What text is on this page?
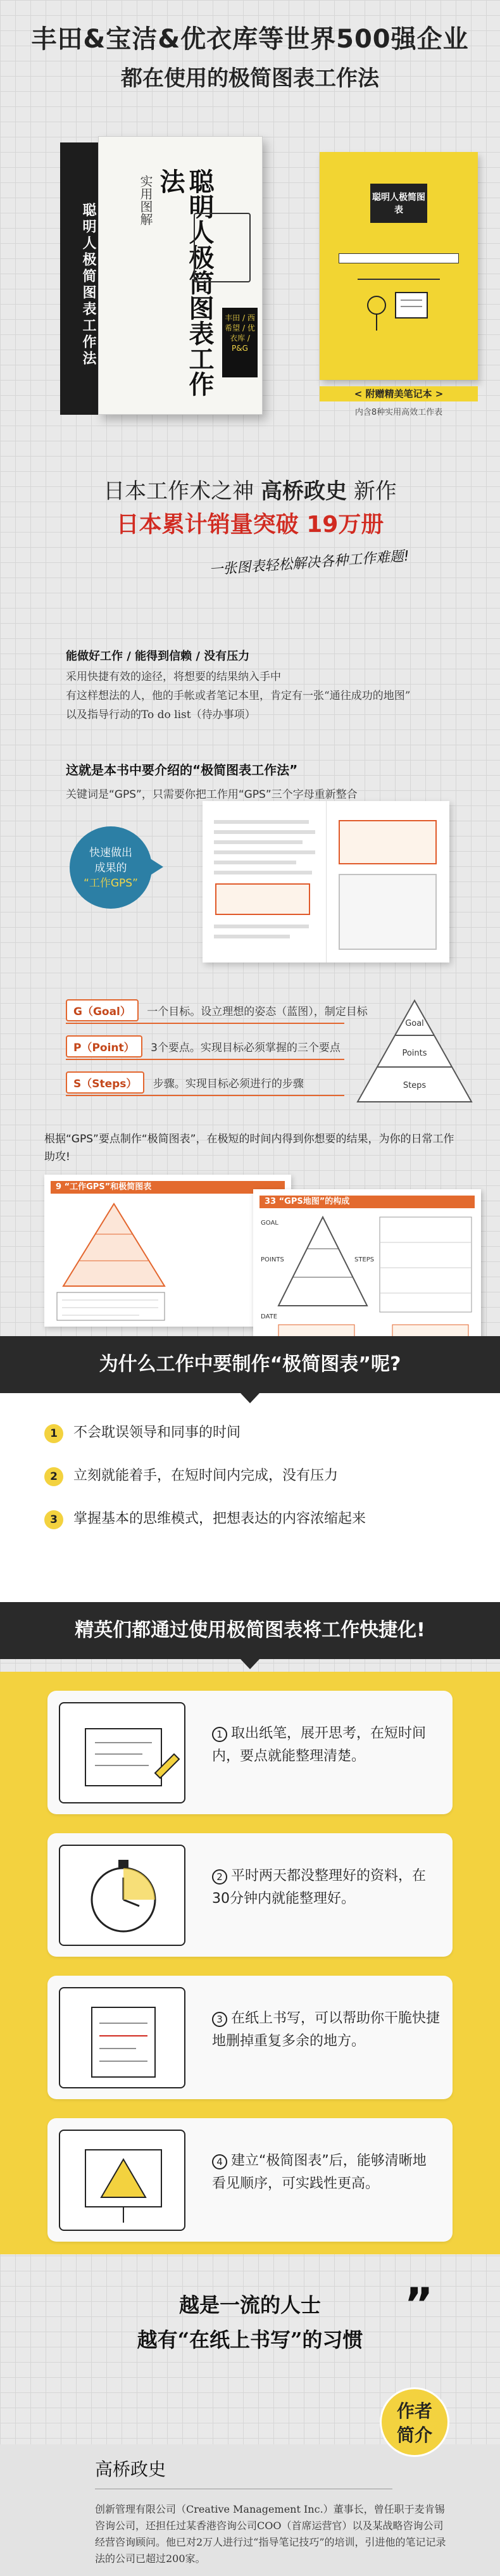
丰田&宝洁&优衣库等世界500强企业
都在使用的极简图表工作法
聪明人极简图表工作法	聪明人极简图表工作法
实用图解
丰田 / 西希望 / 优衣库 / P&G
聪明人极简图表
< 附赠精美笔记本 >
内含8种实用高效工作表
日本工作术之神 高桥政史 新作
日本累计销量突破 19万册
一张图表轻松解决各种工作难题!
能做好工作 / 能得到信赖 / 没有压力
采用快捷有效的途径，将想要的结果纳入手中
有这样想法的人，他的手帐或者笔记本里，肯定有一张“通往成功的地图”
以及指导行动的To do list（待办事项）
这就是本书中要介绍的“极简图表工作法”
关键词是“GPS”，只需要你把工作用“GPS”三个字母重新整合
快速做出
成果的
“工作GPS”
G（Goal） 一个目标。设立理想的姿态（蓝图），制定目标
P（Point） 3个要点。实现目标必须掌握的三个要点
S（Steps） 步骤。实现目标必须进行的步骤
Goal
Points
Steps
根据“GPS”要点制作“极简图表”，在极短的时间内得到你想要的结果，为你的日常工作助攻!
9 “工作GPS”和极简图表
33 “GPS地图”的构成
GOAL
POINTS	STEPS
DATE
为什么工作中要制作“极简图表”呢?
1 不会耽误领导和同事的时间
2 立刻就能着手，在短时间内完成，没有压力
3 掌握基本的思维模式，把想表达的内容浓缩起来
精英们都通过使用极简图表将工作快捷化!
1 取出纸笔，展开思考，在短时间内，要点就能整理清楚。
2 平时两天都没整理好的资料，在30分钟内就能整理好。
3 在纸上书写，可以帮助你干脆快捷地删掉重复多余的地方。
4 建立“极简图表”后，能够清晰地看见顺序，可实践性更高。
越是一流的人士
越有“在纸上书写”的习惯
„
作者
简介
高桥政史
创新管理有限公司（Creative Management Inc.）董事长，曾任职于麦肯锡咨询公司，还担任过某香港咨询公司COO（首席运营官）以及某战略咨询公司经营咨询顾问。他已对2万人进行过“指导笔记技巧”的培训，引进他的笔记记录法的公司已超过200家。
